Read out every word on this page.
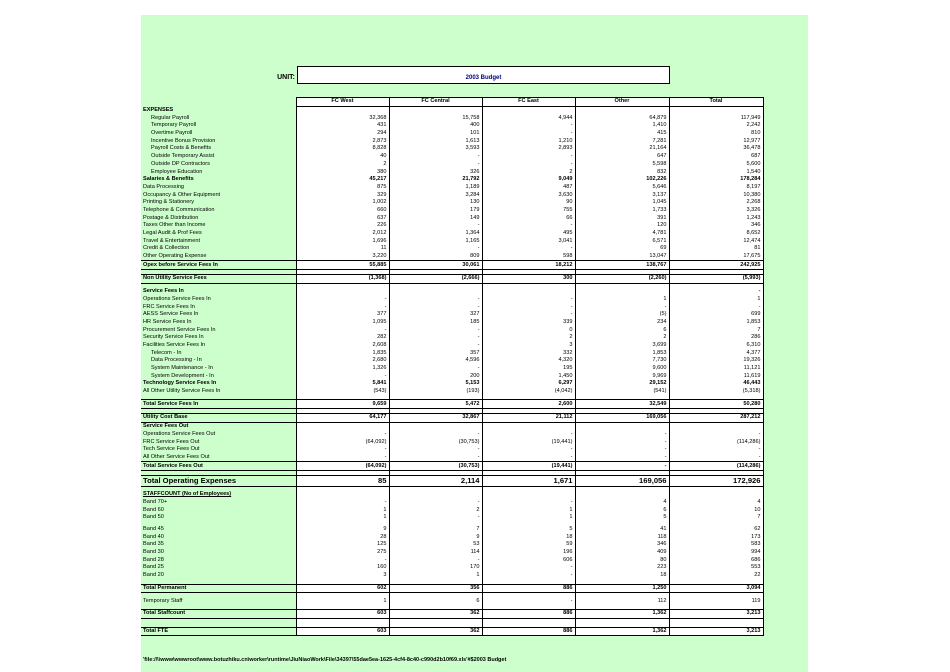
UNIT:	2003 Budget
	FC West	FC Central	FC East	Other	Total
EXPENSES					
Regular Payroll	32,368	15,758	4,944	64,879	117,949
Temporary Payroll	431	400	-	1,410	2,242
Overtime Payroll	294	101	-	415	810
Incentive Bonus Provision	2,873	1,613	1,210	7,281	12,977
Payroll Costs & Benefits	8,828	3,593	2,893	21,164	36,478
Outside Temporary Assist	40	-	-	647	687
Outside DP Contractors	2	-	-	5,598	5,600
Employee Education	380	326	2	832	1,540
Salaries & Benefits	45,217	21,792	9,049	102,226	178,284
Data Processing	875	1,189	487	5,646	8,197
Occupancy & Other Equipment	329	3,284	3,630	3,137	10,380
Printing & Stationery	1,002	130	90	1,045	2,268
Telephone & Communication	660	179	755	1,733	3,326
Postage & Distribution	637	149	66	391	1,243
Taxes Other than Income	226	-	-	120	346
Legal Audit & Prof Fees	2,012	1,364	495	4,781	8,652
Travel & Entertainment	1,696	1,165	3,041	6,571	12,474
Credit & Collection	11	-	-	69	81
Other Operating Expense	3,220	809	598	13,047	17,675
Opex before Service Fees In	55,885	30,061	18,212	138,767	242,925

Non Utility Service Fees	(1,368)	(2,666)	300	(2,260)	(5,993)

Service Fees In					-
Operations Service Fees In	-	-	-	1	1
FRC Service Fees In	-	-	-	-	-
AESS Service Fees In	377	327	-	(5)	699
HR Service Fees In	1,095	185	339	234	1,853
Procurement Service Fees In	-	-	0	6	7
Security Service Fees In	282	-	2	2	286
Facilities Service Fees In	2,608	-	3	3,699	6,310
Telecom - In	1,835	357	332	1,853	4,377
Data Processing - In	2,680	4,596	4,320	7,730	19,326
System Maintenance - In	1,326	-	195	9,600	11,121
System Development - In	-	200	1,450	9,969	11,619
Technology Service Fees In	5,841	5,153	6,297	29,152	46,443
All Other Utility Service Fees In	(543)	(193)	(4,042)	(541)	(5,318)

Total Service Fees In	9,659	5,472	2,600	32,549	50,280

Utility Cost Base	64,177	32,867	21,112	169,056	287,212
Service Fees Out					
Operations Service Fees Out	-	-	-	-	-
FRC Service Fees Out	(64,092)	(30,753)	(19,441)	-	(114,286)
Tech Service Fees Out	-	-	-	-	-
All Other Service Fees Out	-	-	-	-	-
Total Service Fees Out	(64,092)	(30,753)	(19,441)	-	(114,286)

Total Operating Expenses	85	2,114	1,671	169,056	172,926

STAFFCOUNT (No of Employees)					
Band 70+	-	-	-	4	4
Band 60	1	2	1	6	10
Band 50	1	-	1	5	7

Band 45	9	7	5	41	62
Band 40	28	9	18	118	173
Band 35	125	53	59	346	583
Band 30	275	114	196	409	994
Band 28	-	-	606	80	686
Band 25	160	170	-	223	553
Band 20	3	1	-	18	22

Total Permanent	602	356	886	1,250	3,094

Temporary Staff	1	6	-	112	119

Total Staffcount	603	362	886	1,362	3,213

Total FTE	603	362	886	1,362	3,213
'file://\\www\wwwroot\www.botuzhiku.cn\worker\runtime\JiuNiaoWork\File\34397\55dae5ea-1625-4cf4-8c40-c990d2b10f69.xls'#$2003 Budget
